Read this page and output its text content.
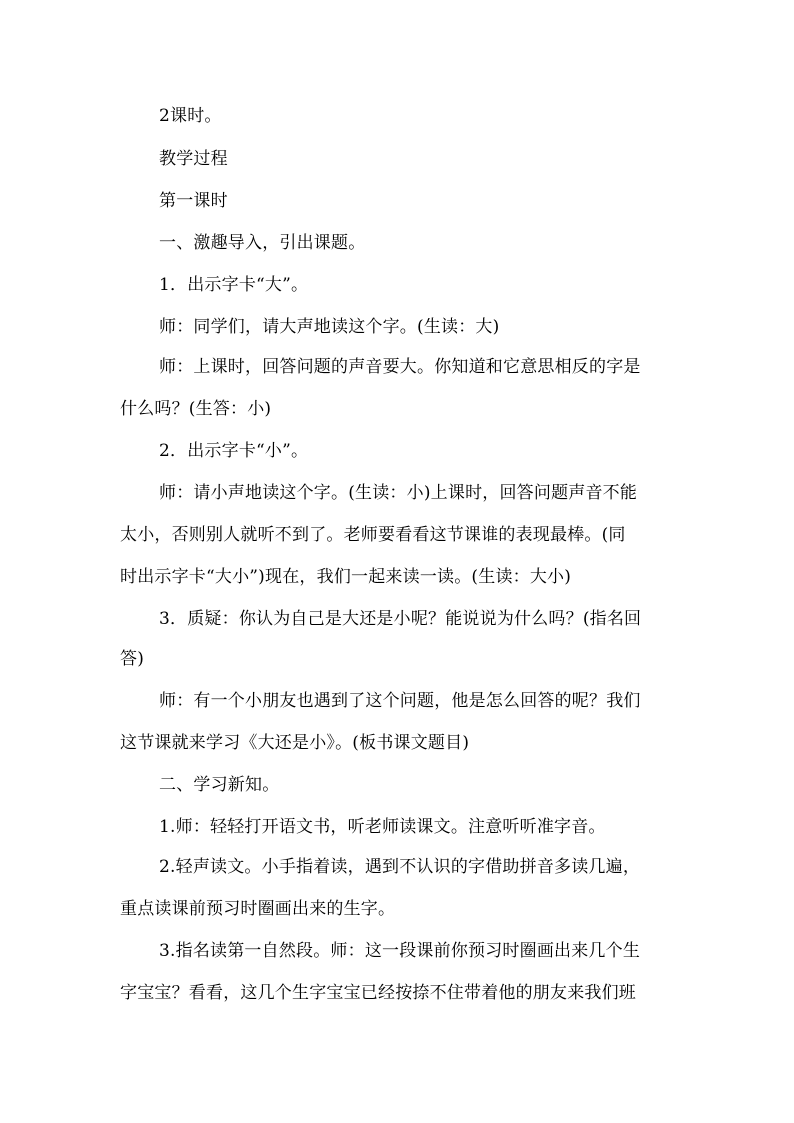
2课时。
教学过程
第一课时
一、激趣导入，引出课题。
1．出示字卡“大”。
师：同学们，请大声地读这个字。(生读：大)
师：上课时，回答问题的声音要大。你知道和它意思相反的字是
什么吗？(生答：小)
2．出示字卡“小”。
师：请小声地读这个字。(生读：小)上课时，回答问题声音不能
太小，否则别人就听不到了。老师要看看这节课谁的表现最棒。(同
时出示字卡“大小”)现在，我们一起来读一读。(生读：大小)
3．质疑：你认为自己是大还是小呢？能说说为什么吗？(指名回
答)
师：有一个小朋友也遇到了这个问题，他是怎么回答的呢？我们
这节课就来学习《大还是小》。(板书课文题目)
二、学习新知。
1.师：轻轻打开语文书，听老师读课文。注意听听准字音。
2.轻声读文。小手指着读，遇到不认识的字借助拼音多读几遍，
重点读课前预习时圈画出来的生字。
3.指名读第一自然段。师：这一段课前你预习时圈画出来几个生
字宝宝？看看，这几个生字宝宝已经按捺不住带着他的朋友来我们班
